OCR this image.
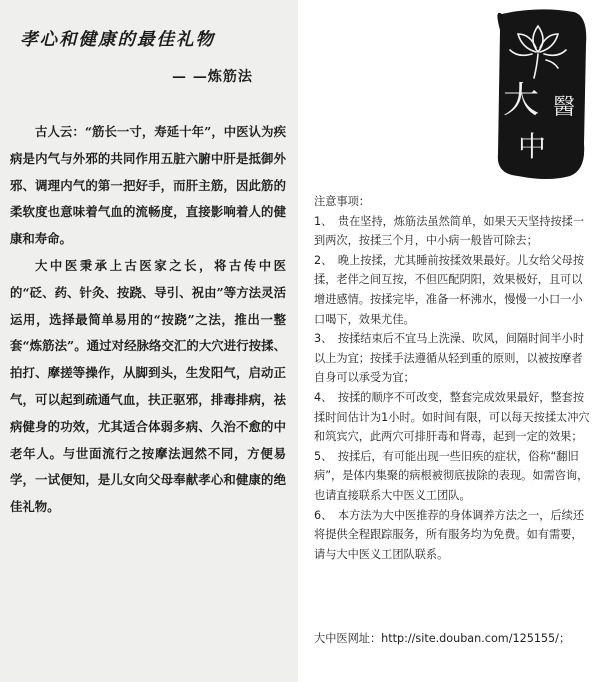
孝心和健康的最佳礼物
— —炼筋法

古人云：“筋长一寸，寿延十年”，中医认为疾病是内气与外邪的共同作用五脏六腑中肝是抵御外邪、调理内气的第一把好手，而肝主筋，因此筋的柔软度也意味着气血的流畅度，直接影响着人的健康和寿命。

大中医秉承上古医家之长，将古传中医的“砭、药、针灸、按跷、导引、祝由”等方法灵活运用，选择最简单易用的“按跷”之法，推出一整套“炼筋法”。通过对经脉络交汇的大穴进行按揉、拍打、摩搓等操作，从脚到头，生发阳气，启动正气，可以起到疏通气血，扶正驱邪，排毒排病，祛病健身的功效，尤其适合体弱多病、久治不愈的中老年人。与世面流行之按摩法迥然不同，方便易学，一试便知，是儿女向父母奉献孝心和健康的绝佳礼物。

大 醫
中
注意事项：
1、　贵在坚持，炼筋法虽然简单，如果天天坚持按揉一到两次，按揉三个月，中小病一般皆可除去；
2、　晚上按揉，尤其睡前按揉效果最好。儿女给父母按揉，老伴之间互按，不但匹配阴阳，效果极好，且可以增进感情。按揉完毕，准备一杯沸水，慢慢一小口一小口喝下，效果尤佳。
3、　按揉结束后不宜马上洗澡、吹风，间隔时间半小时以上为宜；按揉手法遵循从轻到重的原则，以被按摩者自身可以承受为宜；
4、　按揉的顺序不可改变，整套完成效果最好，整套按揉时间估计为1小时。如时间有限，可以每天按揉太冲穴和筑宾穴，此两穴可排肝毒和肾毒，起到一定的效果；
5、　按揉后，有可能出现一些旧疾的症状，俗称“翻旧病”，是体内集聚的病根被彻底拔除的表现。如需咨询，也请直接联系大中医义工团队。
6、　本方法为大中医推荐的身体调养方法之一，后续还将提供全程跟踪服务，所有服务均为免费。如有需要，请与大中医义工团队联系。
大中医网址：http://site.douban.com/125155/；
